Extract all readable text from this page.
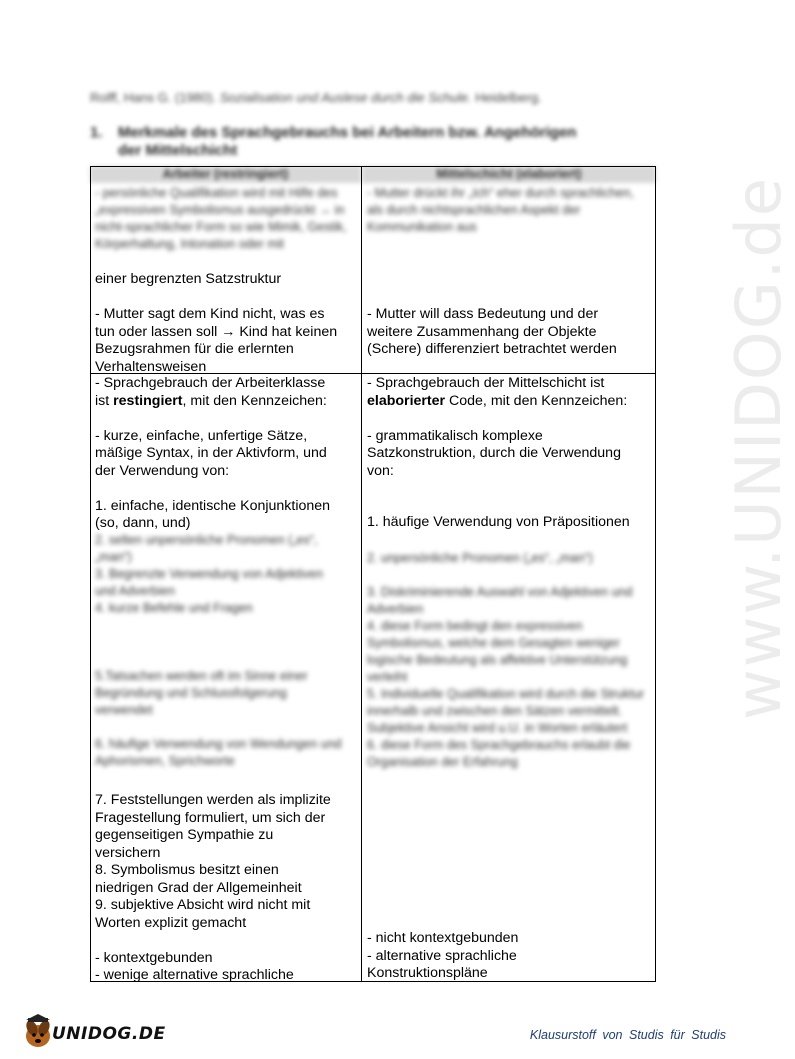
Rolff, Hans G. (1980). Sozialisation und Auslese durch die Schule. Heidelberg.
1. Merkmale des Sprachgebrauchs bei Arbeitern bzw. Angehörigen
der Mittelschicht
Arbeiter (restringiert)	Mittelschicht (elaboriert)
- persönliche Qualifikation wird mit Hilfe des „expressiven Symbolismus ausgedrückt → in nicht-sprachlicher Form so wie Mimik, Gestik, Körperhaltung, Intonation oder mit
einer begrenzten Satzstruktur
- Mutter sagt dem Kind nicht, was es
tun oder lassen soll → Kind hat keinen
Bezugsrahmen für die erlernten
Verhaltensweisen
- Mutter drückt ihr „Ich“ eher durch sprachlichen, als durch nichtsprachlichen Aspekt der Kommunikation aus
- Mutter will dass Bedeutung und der
weitere Zusammenhang der Objekte
(Schere) differenziert betrachtet werden
- Sprachgebrauch der Arbeiterklasse
ist restingiert, mit den Kennzeichen:
- kurze, einfache, unfertige Sätze,
mäßige Syntax, in der Aktivform, und
der Verwendung von:
1. einfache, identische Konjunktionen
(so, dann, und)
2. selten unpersönliche Pronomen („es“, „man“)
3. Begrenzte Verwendung von Adjektiven und Adverbien
4. kurze Befehle und Fragen
5.Tatsachen werden oft im Sinne einer Begründung und Schlussfolgerung verwendet
6. häufige Verwendung von Wendungen und Aphorismen, Sprichworte
7. Feststellungen werden als implizite
Fragestellung formuliert, um sich der
gegenseitigen Sympathie zu
versichern
8. Symbolismus besitzt einen
niedrigen Grad der Allgemeinheit
9. subjektive Absicht wird nicht mit
Worten explizit gemacht
- kontextgebunden
- wenige alternative sprachliche
- Sprachgebrauch der Mittelschicht ist
elaborierter Code, mit den Kennzeichen:
- grammatikalisch komplexe
Satzkonstruktion, durch die Verwendung
von:
1. häufige Verwendung von Präpositionen
2. unpersönliche Pronomen („es“, „man“)
3. Diskriminierende Auswahl von Adjektiven und Adverbien
4. diese Form bedingt den expressiven Symbolismus, welche dem Gesagten weniger logische Bedeutung als affektive Unterstützung verleiht
5. Individuelle Qualifikation wird durch die Struktur innerhalb und zwischen den Sätzen vermittelt. Subjektive Ansicht wird u.U. in Worten erläutert
6. diese Form des Sprachgebrauchs erlaubt die Organisation der Erfahrung
- nicht kontextgebunden
- alternative sprachliche
Konstruktionspläne
www.UNIDOG.de
UNIDOG.DE	Klausurstoff von Studis für Studis
